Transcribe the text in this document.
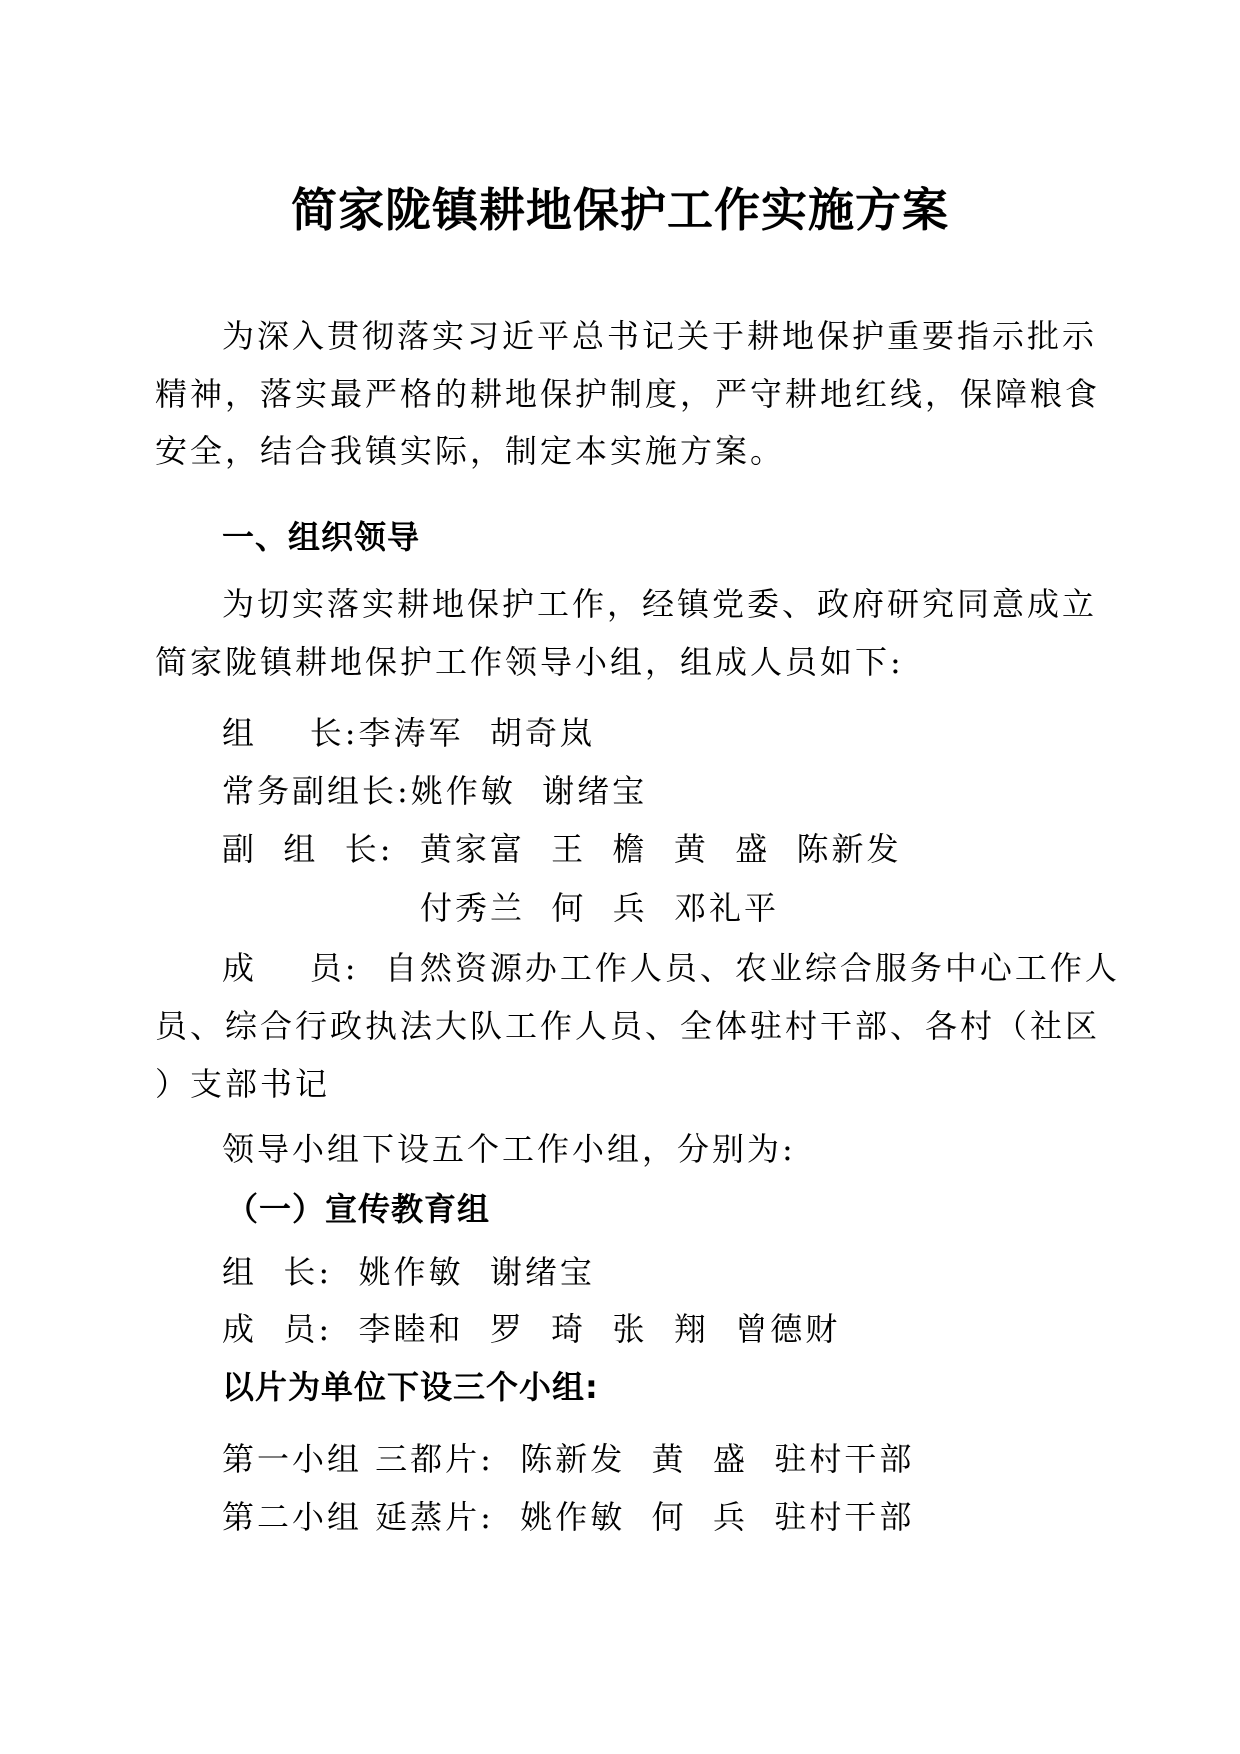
简家陇镇耕地保护工作实施方案
为深入贯彻落实习近平总书记关于耕地保护重要指示批示
精神，落实最严格的耕地保护制度，严守耕地红线，保障粮食
安全，结合我镇实际，制定本实施方案。
一、组织领导
为切实落实耕地保护工作，经镇党委、政府研究同意成立
简家陇镇耕地保护工作领导小组，组成人员如下:
组    长:李涛军  胡奇岚
常务副组长:姚作敏  谢绪宝
副  组  长:  黄家富  王  檐  黄  盛  陈新发
付秀兰  何  兵  邓礼平
成    员:  自然资源办工作人员、农业综合服务中心工作人
员、综合行政执法大队工作人员、全体驻村干部、各村（社区
）支部书记
领导小组下设五个工作小组，分别为:
（一）宣传教育组
组  长:  姚作敏  谢绪宝
成  员:  李睦和  罗  琦  张  翔  曾德财
以片为单位下设三个小组:
第一小组 三都片:  陈新发  黄  盛  驻村干部
第二小组 延蒸片:  姚作敏  何  兵  驻村干部
